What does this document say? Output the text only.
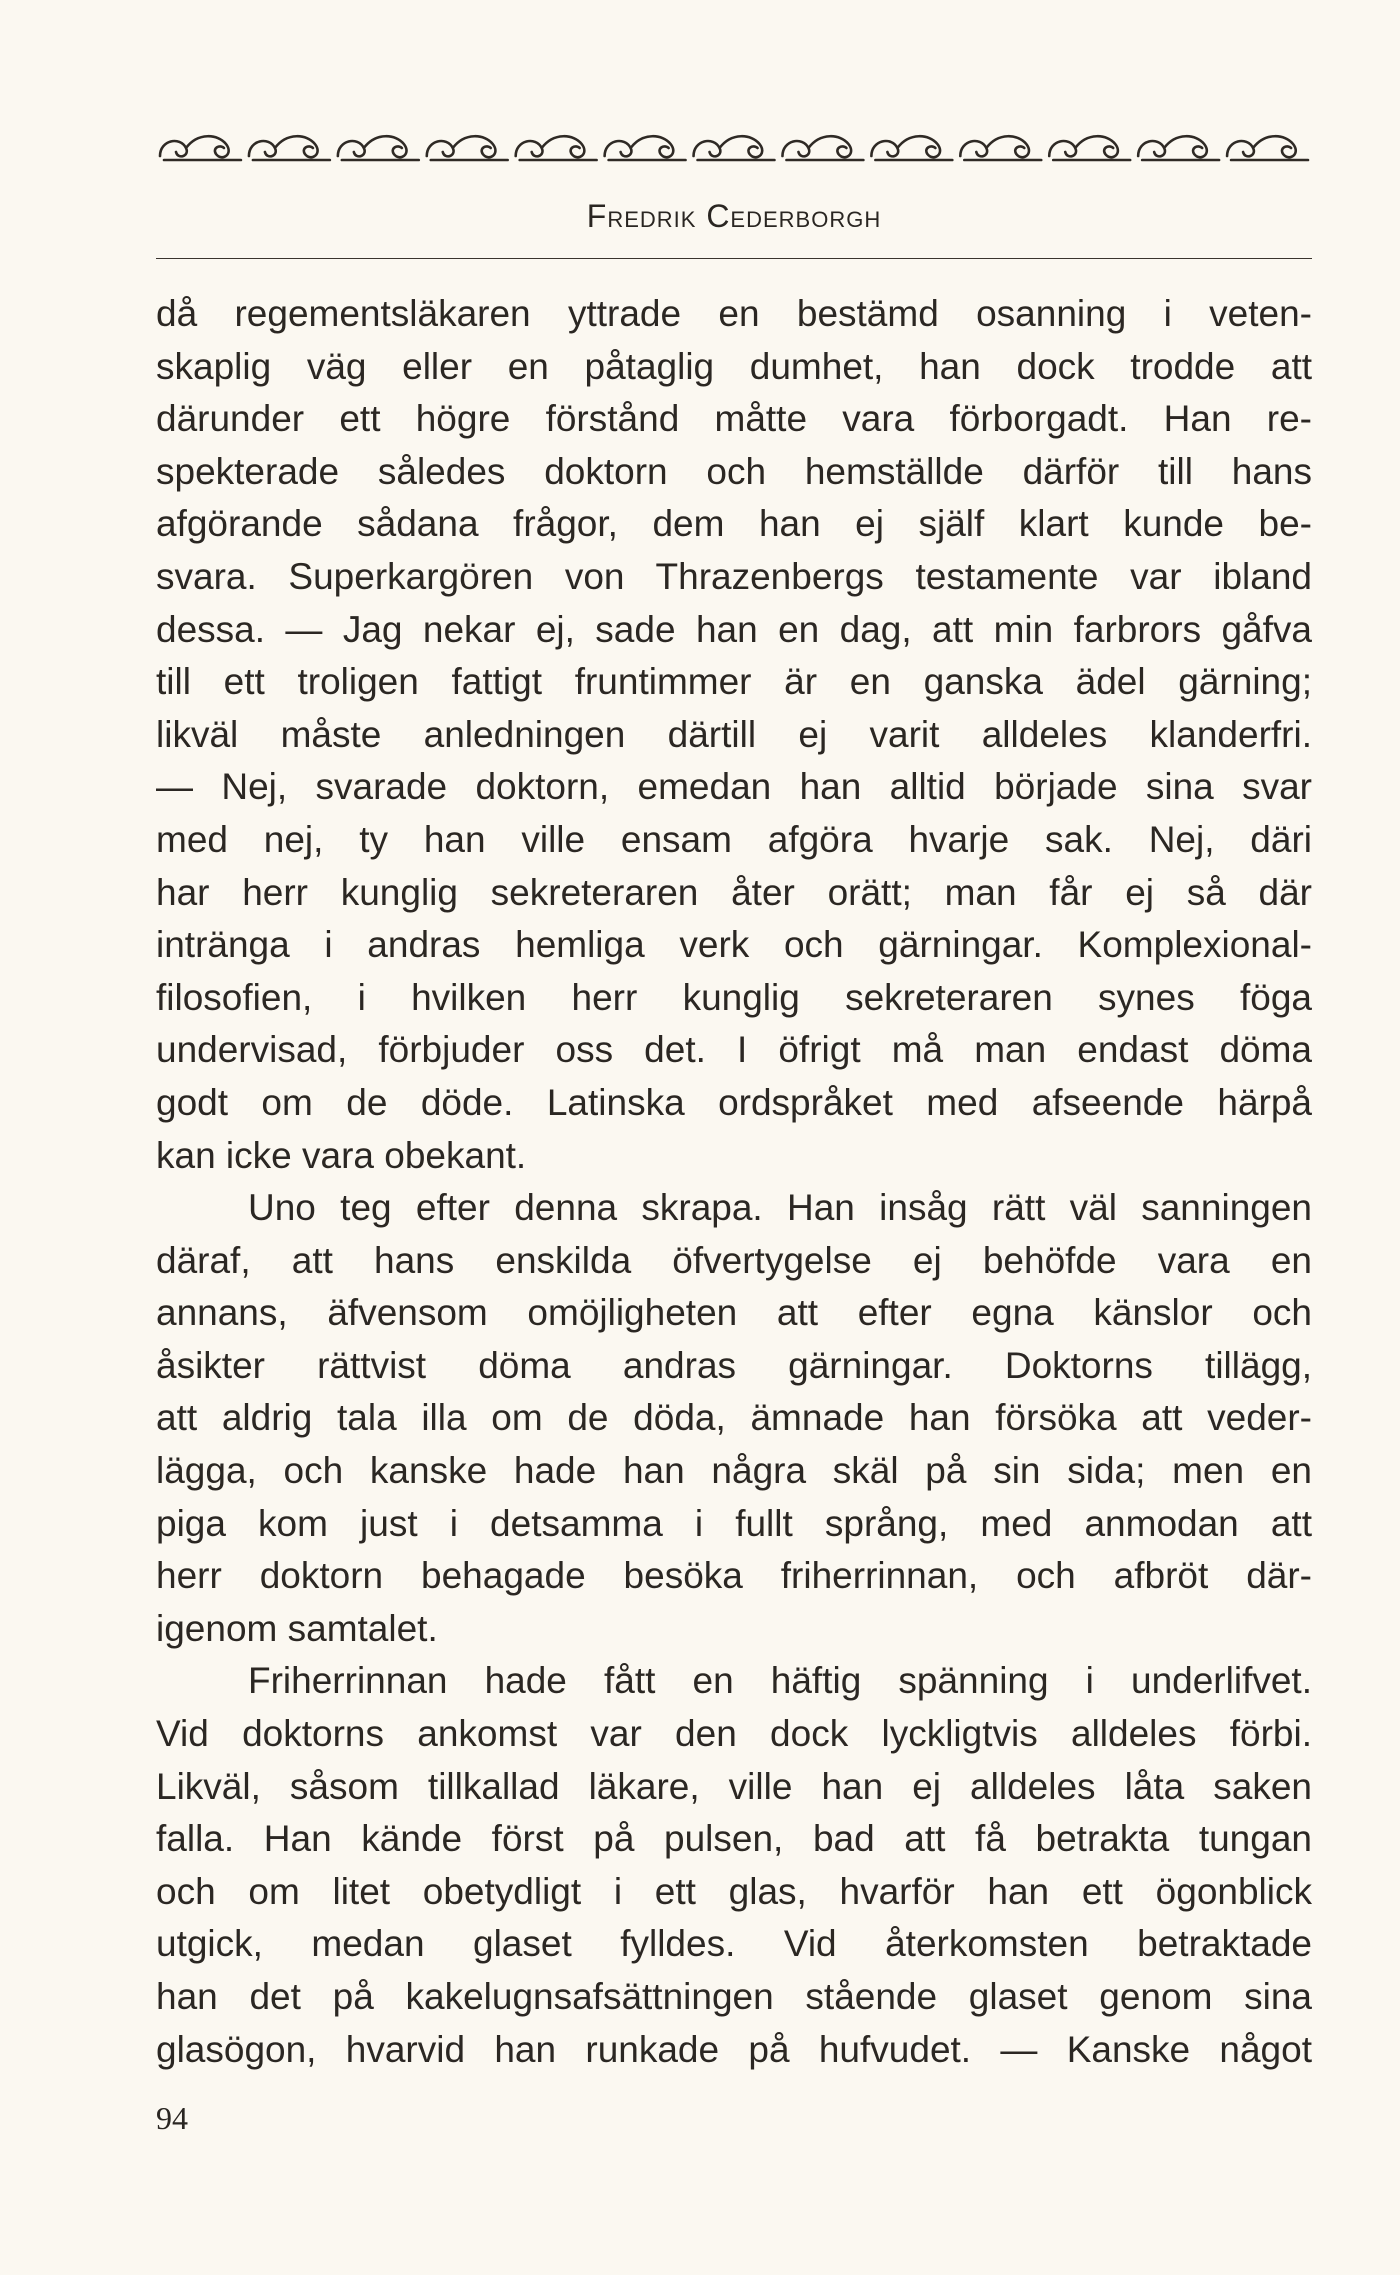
Fredrik Cederborgh
då regementsläkaren yttrade en bestämd osanning i veten-
skaplig väg eller en påtaglig dumhet, han dock trodde att
därunder ett högre förstånd måtte vara förborgadt. Han re-
spekterade således doktorn och hemställde därför till hans
afgörande sådana frågor, dem han ej själf klart kunde be-
svara. Superkargören von Thrazenbergs testamente var ibland
dessa. — Jag nekar ej, sade han en dag, att min farbrors gåfva
till ett troligen fattigt fruntimmer är en ganska ädel gärning;
likväl måste anledningen därtill ej varit alldeles klanderfri.
— Nej, svarade doktorn, emedan han alltid började sina svar
med nej, ty han ville ensam afgöra hvarje sak. Nej, däri
har herr kunglig sekreteraren åter orätt; man får ej så där
intränga i andras hemliga verk och gärningar. Komplexional-
filosofien, i hvilken herr kunglig sekreteraren synes föga
undervisad, förbjuder oss det. I öfrigt må man endast döma
godt om de döde. Latinska ordspråket med afseende härpå
kan icke vara obekant.
Uno teg efter denna skrapa. Han insåg rätt väl sanningen
däraf, att hans enskilda öfvertygelse ej behöfde vara en
annans, äfvensom omöjligheten att efter egna känslor och
åsikter rättvist döma andras gärningar. Doktorns tillägg,
att aldrig tala illa om de döda, ämnade han försöka att veder-
lägga, och kanske hade han några skäl på sin sida; men en
piga kom just i detsamma i fullt språng, med anmodan att
herr doktorn behagade besöka friherrinnan, och afbröt där-
igenom samtalet.
Friherrinnan hade fått en häftig spänning i underlifvet.
Vid doktorns ankomst var den dock lyckligtvis alldeles förbi.
Likväl, såsom tillkallad läkare, ville han ej alldeles låta saken
falla. Han kände först på pulsen, bad att få betrakta tungan
och om litet obetydligt i ett glas, hvarför han ett ögonblick
utgick, medan glaset fylldes. Vid återkomsten betraktade
han det på kakelugnsafsättningen stående glaset genom sina
glasögon, hvarvid han runkade på hufvudet. — Kanske något
94
